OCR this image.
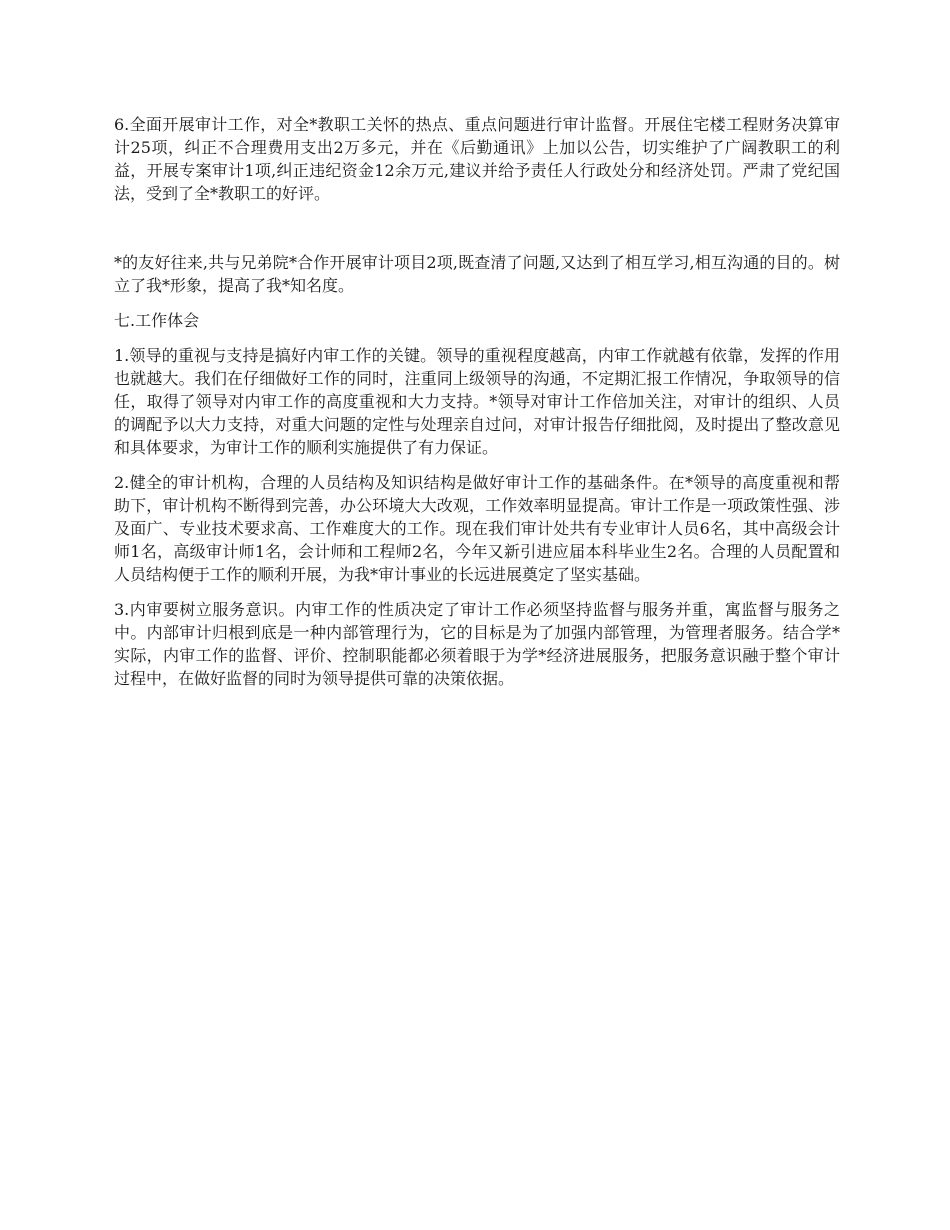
6.全面开展审计工作，对全*教职工关怀的热点、重点问题进行审计监督。开展住宅楼工程财务决算审计25项，纠正不合理费用支出2万多元，并在《后勤通讯》上加以公告，切实维护了广阔教职工的利益，开展专案审计1项,纠正违纪资金12余万元,建议并给予责任人行政处分和经济处罚。严肃了党纪国法，受到了全*教职工的好评。

*的友好往来,共与兄弟院*合作开展审计项目2项,既查清了问题,又达到了相互学习,相互沟通的目的。树立了我*形象，提高了我*知名度。

七.工作体会

1.领导的重视与支持是搞好内审工作的关键。领导的重视程度越高，内审工作就越有依靠，发挥的作用也就越大。我们在仔细做好工作的同时，注重同上级领导的沟通，不定期汇报工作情况，争取领导的信任，取得了领导对内审工作的高度重视和大力支持。*领导对审计工作倍加关注，对审计的组织、人员的调配予以大力支持，对重大问题的定性与处理亲自过问，对审计报告仔细批阅，及时提出了整改意见和具体要求，为审计工作的顺利实施提供了有力保证。

2.健全的审计机构，合理的人员结构及知识结构是做好审计工作的基础条件。在*领导的高度重视和帮助下，审计机构不断得到完善，办公环境大大改观，工作效率明显提高。审计工作是一项政策性强、涉及面广、专业技术要求高、工作难度大的工作。现在我们审计处共有专业审计人员6名，其中高级会计师1名，高级审计师1名，会计师和工程师2名，今年又新引进应届本科毕业生2名。合理的人员配置和人员结构便于工作的顺利开展，为我*审计事业的长远进展奠定了坚实基础。

3.内审要树立服务意识。内审工作的性质决定了审计工作必须坚持监督与服务并重，寓监督与服务之中。内部审计归根到底是一种内部管理行为，它的目标是为了加强内部管理，为管理者服务。结合学*实际，内审工作的监督、评价、控制职能都必须着眼于为学*经济进展服务，把服务意识融于整个审计过程中，在做好监督的同时为领导提供可靠的决策依据。
